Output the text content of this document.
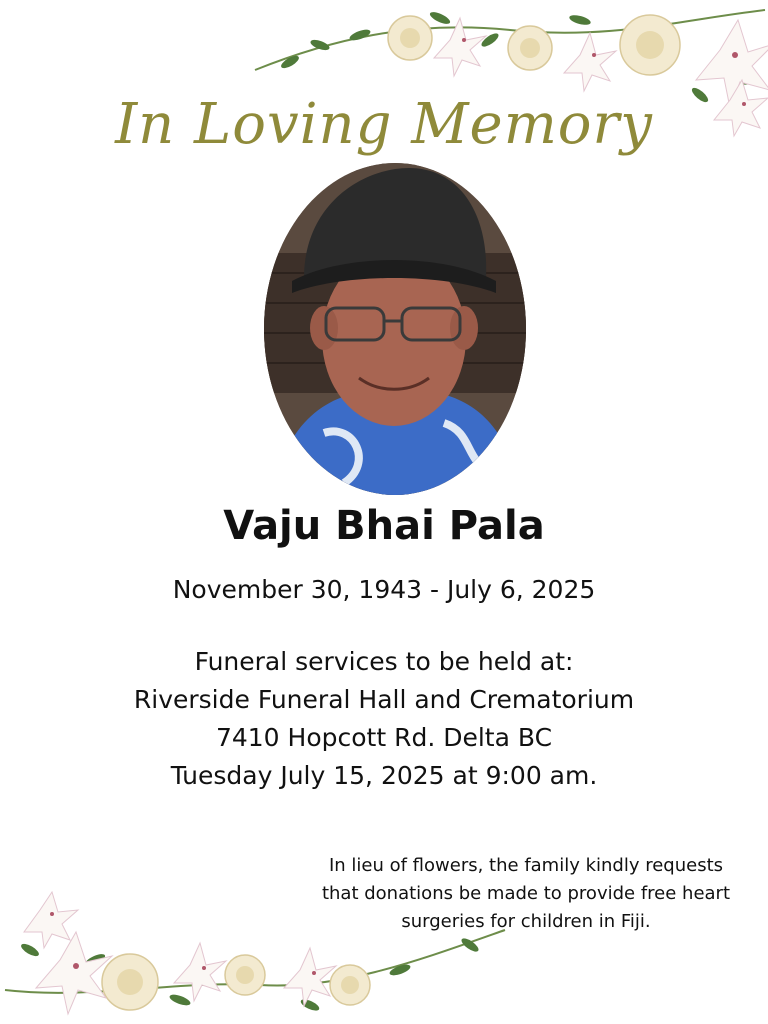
In Loving Memory
Vaju Bhai Pala
November 30, 1943 - July 6, 2025
Funeral services to be held at:
Riverside Funeral Hall and Crematorium
7410 Hopcott Rd. Delta BC
Tuesday July 15, 2025 at 9:00 am.
In lieu of flowers, the family kindly requests
that donations be made to provide free heart
surgeries for children in Fiji.
